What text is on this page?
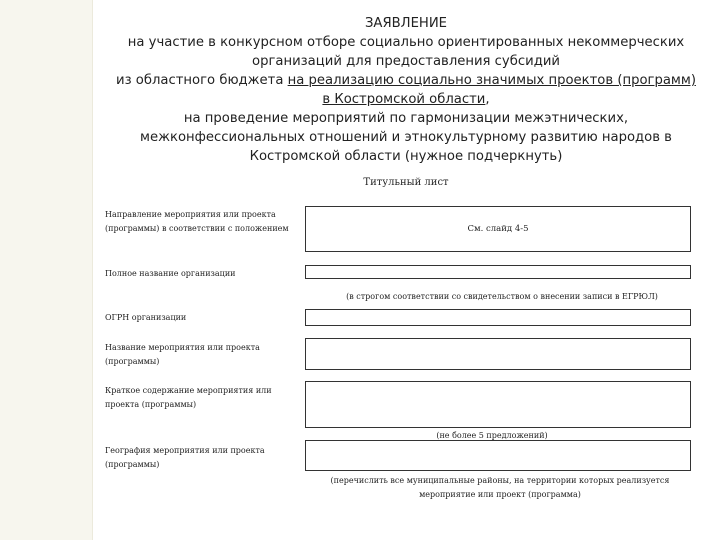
ЗАЯВЛЕНИЕ
на участие в конкурсном отборе социально ориентированных некоммерческих
организаций для предоставления субсидий
из областного бюджета на реализацию социально значимых проектов (программ)
в Костромской области,
на проведение мероприятий по гармонизации межэтнических,
межконфессиональных отношений и этнокультурному развитию народов в
Костромской области (нужное подчеркнуть)
Титульный лист
Направление мероприятия или проекта
(программы) в соответствии с положением	См. слайд 4-5
Полное название организации
(в строгом соответствии со свидетельством о внесении записи в ЕГРЮЛ)
ОГРН организации
Название мероприятия или проекта
(программы)
Краткое содержание мероприятия или
проекта (программы)
(не более 5 предложений)
География мероприятия или проекта
(программы)
(перечислить все муниципальные районы, на территории которых реализуется
мероприятие или проект (программа)
